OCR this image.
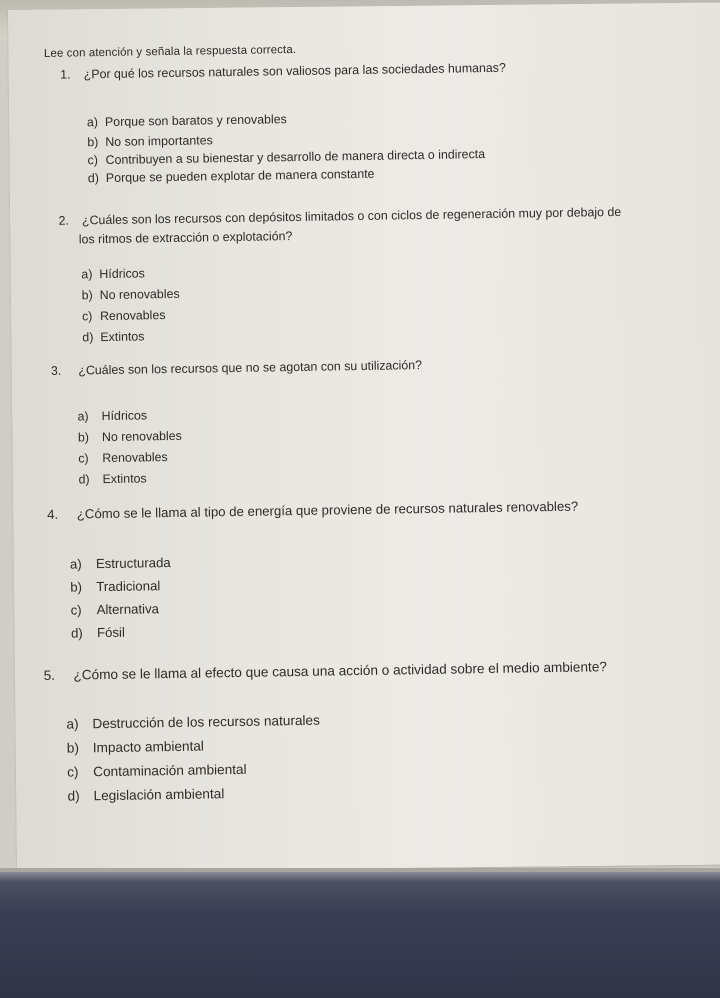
Lee con atención y señala la respuesta correcta.
1. ¿Por qué los recursos naturales son valiosos para las sociedades humanas?
a) Porque son baratos y renovables
b) No son importantes
c) Contribuyen a su bienestar y desarrollo de manera directa o indirecta
d) Porque se pueden explotar de manera constante
2. ¿Cuáles son los recursos con depósitos limitados o con ciclos de regeneración muy por debajo de
los ritmos de extracción o explotación?
a) Hídricos
b) No renovables
c) Renovables
d) Extintos
3. ¿Cuáles son los recursos que no se agotan con su utilización?
a) Hídricos
b) No renovables
c) Renovables
d) Extintos
4. ¿Cómo se le llama al tipo de energía que proviene de recursos naturales renovables?
a) Estructurada
b) Tradicional
c) Alternativa
d) Fósil
5. ¿Cómo se le llama al efecto que causa una acción o actividad sobre el medio ambiente?
a) Destrucción de los recursos naturales
b) Impacto ambiental
c) Contaminación ambiental
d) Legislación ambiental
